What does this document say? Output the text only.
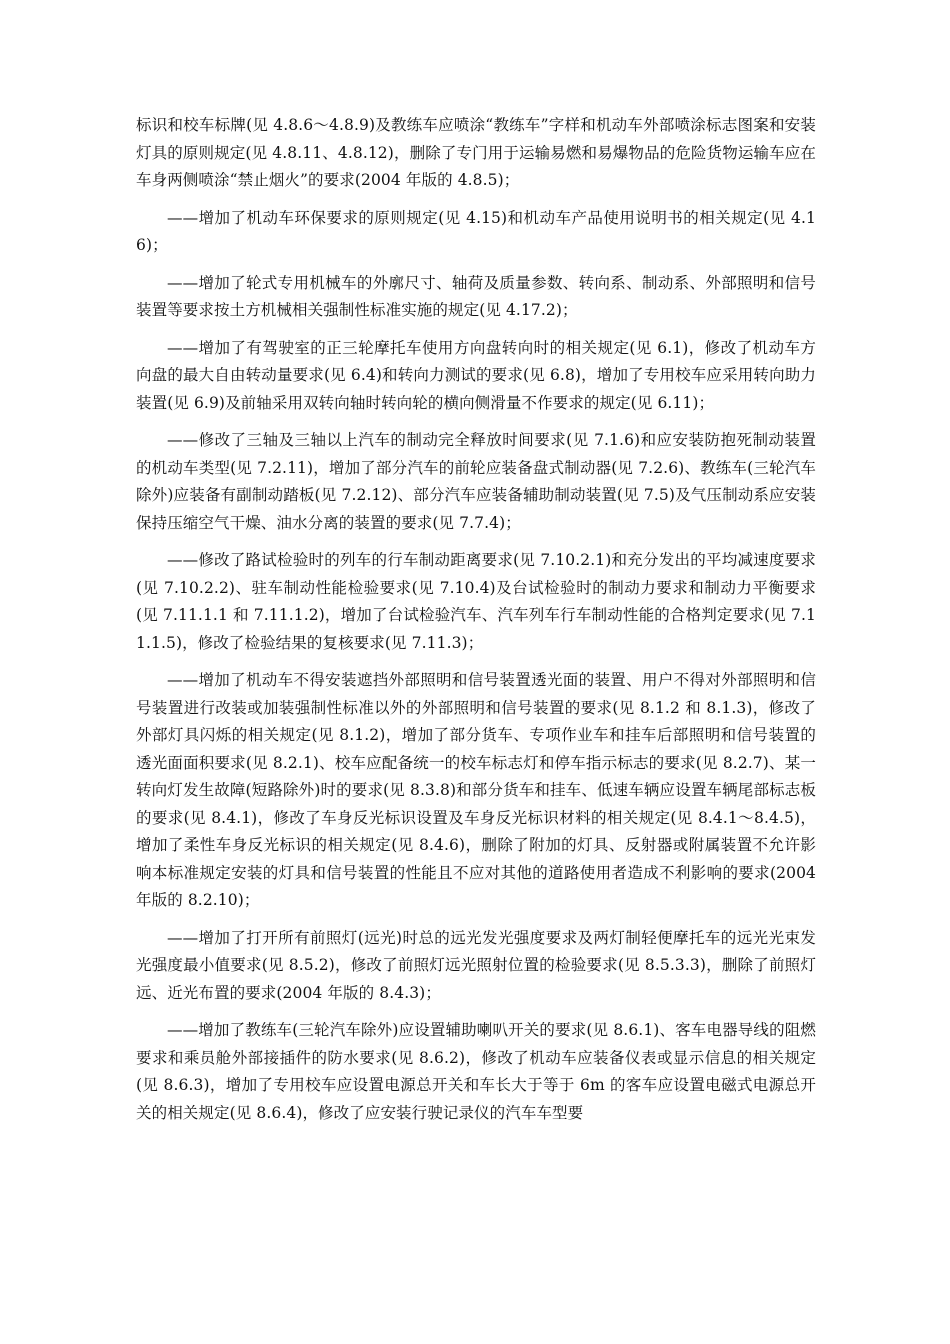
标识和校车标牌(见 4.8.6～4.8.9)及教练车应喷涂“教练车”字样和机动车外部喷涂标志图案和安装灯具的原则规定(见 4.8.11、4.8.12)，删除了专门用于运输易燃和易爆物品的危险货物运输车应在车身两侧喷涂“禁止烟火”的要求(2004 年版的 4.8.5)；

——增加了机动车环保要求的原则规定(见 4.15)和机动车产品使用说明书的相关规定(见 4.16)；

——增加了轮式专用机械车的外廓尺寸、轴荷及质量参数、转向系、制动系、外部照明和信号装置等要求按土方机械相关强制性标准实施的规定(见 4.17.2)；

——增加了有驾驶室的正三轮摩托车使用方向盘转向时的相关规定(见 6.1)，修改了机动车方向盘的最大自由转动量要求(见 6.4)和转向力测试的要求(见 6.8)，增加了专用校车应采用转向助力装置(见 6.9)及前轴采用双转向轴时转向轮的横向侧滑量不作要求的规定(见 6.11)；

——修改了三轴及三轴以上汽车的制动完全释放时间要求(见 7.1.6)和应安装防抱死制动装置的机动车类型(见 7.2.11)，增加了部分汽车的前轮应装备盘式制动器(见 7.2.6)、教练车(三轮汽车除外)应装备有副制动踏板(见 7.2.12)、部分汽车应装备辅助制动装置(见 7.5)及气压制动系应安装保持压缩空气干燥、油水分离的装置的要求(见 7.7.4)；

——修改了路试检验时的列车的行车制动距离要求(见 7.10.2.1)和充分发出的平均减速度要求(见 7.10.2.2)、驻车制动性能检验要求(见 7.10.4)及台试检验时的制动力要求和制动力平衡要求(见 7.11.1.1 和 7.11.1.2)，增加了台试检验汽车、汽车列车行车制动性能的合格判定要求(见 7.11.1.5)，修改了检验结果的复核要求(见 7.11.3)；

——增加了机动车不得安装遮挡外部照明和信号装置透光面的装置、用户不得对外部照明和信号装置进行改装或加装强制性标准以外的外部照明和信号装置的要求(见 8.1.2 和 8.1.3)，修改了外部灯具闪烁的相关规定(见 8.1.2)，增加了部分货车、专项作业车和挂车后部照明和信号装置的透光面面积要求(见 8.2.1)、校车应配备统一的校车标志灯和停车指示标志的要求(见 8.2.7)、某一转向灯发生故障(短路除外)时的要求(见 8.3.8)和部分货车和挂车、低速车辆应设置车辆尾部标志板的要求(见 8.4.1)，修改了车身反光标识设置及车身反光标识材料的相关规定(见 8.4.1～8.4.5)，增加了柔性车身反光标识的相关规定(见 8.4.6)，删除了附加的灯具、反射器或附属装置不允许影响本标准规定安装的灯具和信号装置的性能且不应对其他的道路使用者造成不利影响的要求(2004 年版的 8.2.10)；

——增加了打开所有前照灯(远光)时总的远光发光强度要求及两灯制轻便摩托车的远光光束发光强度最小值要求(见 8.5.2)，修改了前照灯远光照射位置的检验要求(见 8.5.3.3)，删除了前照灯远、近光布置的要求(2004 年版的 8.4.3)；

——增加了教练车(三轮汽车除外)应设置辅助喇叭开关的要求(见 8.6.1)、客车电器导线的阻燃要求和乘员舱外部接插件的防水要求(见 8.6.2)，修改了机动车应装备仪表或显示信息的相关规定(见 8.6.3)，增加了专用校车应设置电源总开关和车长大于等于 6m 的客车应设置电磁式电源总开关的相关规定(见 8.6.4)，修改了应安装行驶记录仪的汽车车型要
